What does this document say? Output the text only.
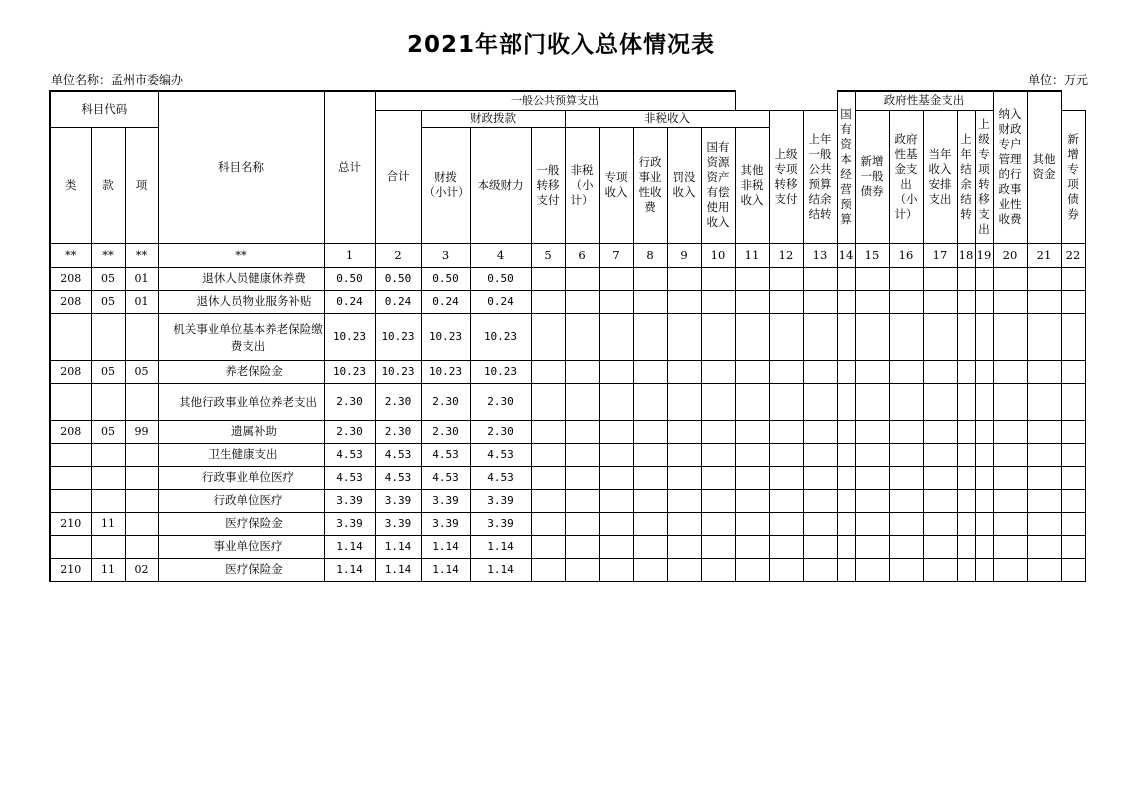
2021年部门收入总体情况表
单位名称：孟州市委编办	单位：万元
科目代码			科目名称	总计	一般公共预算支出												国有资本经营预算	政府性基金支出					纳入财政专户管理的行政事业性收费	其他资金	
					合计	财政拨款			非税收入						上级专项转移支付	上年一般公共预算结余结转		新增一般债券	政府性基金支出（小计）	当年收入安排支出	上年结余结转	上级专项转移支出			新增专项债券
类	款	项				财拨（小计）	本级财力	一般转移支付	非税（小计）	专项收入	行政事业性收费	罚没收入	国有资源资产有偿使用收入	其他非税收入											

**	**	**	**	1	2	3	4	5	6	7	8	9	10	11	12	13	14	15	16	17	18	19	20	21	22
208	05	01	退休人员健康休养费	0.50	0.50	0.50	0.50																		
208	05	01	退休人员物业服务补贴	0.24	0.24	0.24	0.24																		
			机关事业单位基本养老保险缴费支出	10.23	10.23	10.23	10.23																		
208	05	05	养老保险金	10.23	10.23	10.23	10.23																		
			其他行政事业单位养老支出	2.30	2.30	2.30	2.30																		
208	05	99	遗属补助	2.30	2.30	2.30	2.30																		
			卫生健康支出	4.53	4.53	4.53	4.53																		
			行政事业单位医疗	4.53	4.53	4.53	4.53																		
			行政单位医疗	3.39	3.39	3.39	3.39																		
210	11		医疗保险金	3.39	3.39	3.39	3.39																		
			事业单位医疗	1.14	1.14	1.14	1.14																		
210	11	02	医疗保险金	1.14	1.14	1.14	1.14																		
